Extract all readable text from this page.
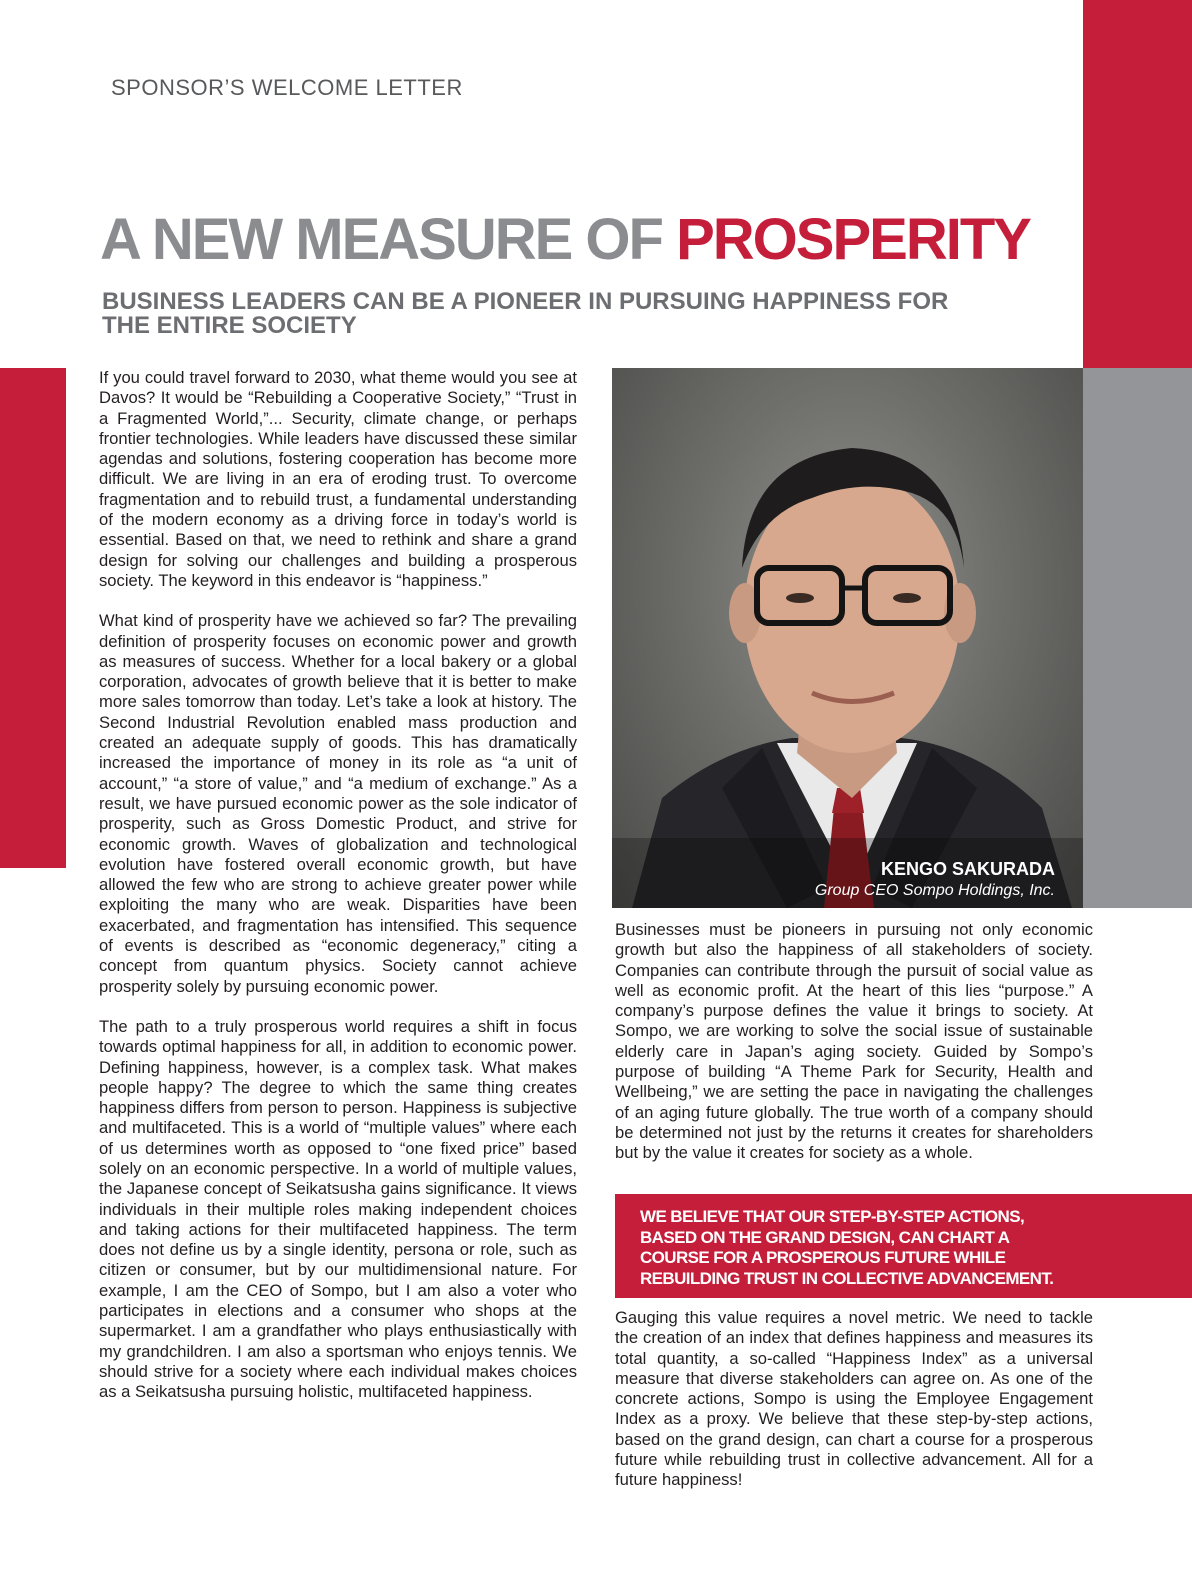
SPONSOR’S WELCOME LETTER
A NEW MEASURE OF PROSPERITY
BUSINESS LEADERS CAN BE A PIONEER IN PURSUING HAPPINESS FOR THE ENTIRE SOCIETY

If you could travel forward to 2030, what theme would you see at Davos? It would be “Rebuilding a Cooperative Society,” “Trust in a Fragmented World,”... Security, climate change, or perhaps frontier technologies. While leaders have discussed these similar agendas and solutions, fostering cooperation has become more difficult. We are living in an era of eroding trust. To overcome fragmentation and to rebuild trust, a fundamental understanding of the modern economy as a driving force in today’s world is essential. Based on that, we need to rethink and share a grand design for solving our challenges and building a prosperous society. The keyword in this endeavor is “happiness.”

What kind of prosperity have we achieved so far? The prevailing definition of prosperity focuses on economic power and growth as measures of success. Whether for a local bakery or a global corporation, advocates of growth believe that it is better to make more sales tomorrow than today. Let’s take a look at history. The Second Industrial Revolution enabled mass production and created an adequate supply of goods. This has dramatically increased the importance of money in its role as “a unit of account,” “a store of value,” and “a medium of exchange.” As a result, we have pursued economic power as the sole indicator of prosperity, such as Gross Domestic Product, and strive for economic growth. Waves of globalization and technological evolution have fostered overall economic growth, but have allowed the few who are strong to achieve greater power while exploiting the many who are weak. Disparities have been exacerbated, and fragmentation has intensified. This sequence of events is described as “economic degeneracy,” citing a concept from quantum physics. Society cannot achieve prosperity solely by pursuing economic power.

The path to a truly prosperous world requires a shift in focus towards optimal happiness for all, in addition to economic power. Defining happiness, however, is a complex task. What makes people happy? The degree to which the same thing creates happiness differs from person to person. Happiness is subjective and multifaceted. This is a world of “multiple values” where each of us determines worth as opposed to “one fixed price” based solely on an economic perspective. In a world of multiple values, the Japanese concept of Seikatsusha gains significance. It views individuals in their multiple roles making independent choices and taking actions for their multifaceted happiness. The term does not define us by a single identity, persona or role, such as citizen or consumer, but by our multidimensional nature. For example, I am the CEO of Sompo, but I am also a voter who participates in elections and a consumer who shops at the supermarket. I am a grandfather who plays enthusiastically with my grandchildren. I am also a sportsman who enjoys tennis. We should strive for a society where each individual makes choices as a Seikatsusha pursuing holistic, multifaceted happiness.

KENGO SAKURADA
Group CEO Sompo Holdings, Inc.

Businesses must be pioneers in pursuing not only economic growth but also the happiness of all stakeholders of society. Companies can contribute through the pursuit of social value as well as economic profit. At the heart of this lies “purpose.” A company’s purpose defines the value it brings to society. At Sompo, we are working to solve the social issue of sustainable elderly care in Japan’s aging society. Guided by Sompo’s purpose of building “A Theme Park for Security, Health and Wellbeing,” we are setting the pace in navigating the challenges of an aging future globally. The true worth of a company should be determined not just by the returns it creates for shareholders but by the value it creates for society as a whole.

WE BELIEVE THAT OUR STEP-BY-STEP ACTIONS, BASED ON THE GRAND DESIGN, CAN CHART A COURSE FOR A PROSPEROUS FUTURE WHILE REBUILDING TRUST IN COLLECTIVE ADVANCEMENT.

Gauging this value requires a novel metric. We need to tackle the creation of an index that defines happiness and measures its total quantity, a so-called “Happiness Index” as a universal measure that diverse stakeholders can agree on. As one of the concrete actions, Sompo is using the Employee Engagement Index as a proxy. We believe that these step-by-step actions, based on the grand design, can chart a course for a prosperous future while rebuilding trust in collective advancement. All for a future happiness!
